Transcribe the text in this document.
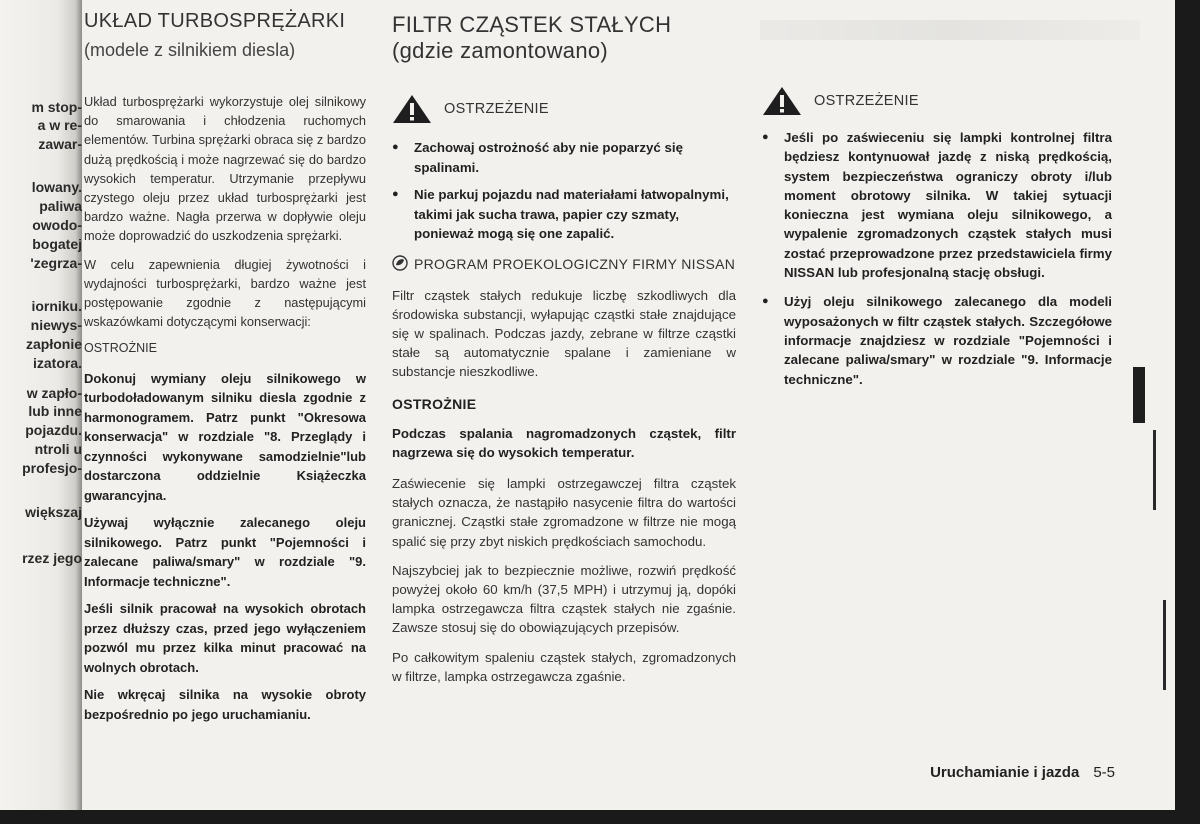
m stop-
a w re-
zawar-
lowany.
paliwa
owodo-
bogatej
'zegrza-
iorniku.
niewys-
zapłonie
izatora.
w zapło-
lub inne
pojazdu.
ntroli u
profesjo-
większaj
rzez jego
UKŁAD TURBOSPRĘŻARKI
(modele z silnikiem diesla)

Układ turbosprężarki wykorzystuje olej silnikowy do smarowania i chłodzenia ruchomych elementów. Turbina sprężarki obraca się z bardzo dużą prędkością i może nagrzewać się do bardzo wysokich temperatur. Utrzymanie przepływu czystego oleju przez układ turbosprężarki jest bardzo ważne. Nagła przerwa w dopływie oleju może doprowadzić do uszkodzenia sprężarki.

W celu zapewnienia długiej żywotności i wydajności turbosprężarki, bardzo ważne jest postępowanie zgodnie z następującymi wskazówkami dotyczącymi konserwacji:

OSTROŻNIE

Dokonuj wymiany oleju silnikowego w turbodoładowanym silniku diesla zgodnie z harmonogramem. Patrz punkt "Okresowa konserwacja" w rozdziale "8. Przeglądy i czynności wykonywane samodzielnie"lub dostarczona oddzielnie Książeczka gwarancyjna.

Używaj wyłącznie zalecanego oleju silnikowego. Patrz punkt "Pojemności i zalecane paliwa/smary" w rozdziale "9. Informacje techniczne".

Jeśli silnik pracował na wysokich obrotach przez dłuższy czas, przed jego wyłączeniem pozwól mu przez kilka minut pracować na wolnych obrotach.

Nie wkręcaj silnika na wysokie obroty bezpośrednio po jego uruchamianiu.

FILTR CZĄSTEK STAŁYCH (gdzie zamontowano)
OSTRZEŻENIE
● Zachowaj ostrożność aby nie poparzyć się spalinami.
● Nie parkuj pojazdu nad materiałami łatwopalnymi, takimi jak sucha trawa, papier czy szmaty, ponieważ mogą się one zapalić.

PROGRAM PROEKOLOGICZNY FIRMY NISSAN

Filtr cząstek stałych redukuje liczbę szkodliwych dla środowiska substancji, wyłapując cząstki stałe znajdujące się w spalinach. Podczas jazdy, zebrane w filtrze cząstki stałe są automatycznie spalane i zamieniane w substancje nieszkodliwe.

OSTROŻNIE

Podczas spalania nagromadzonych cząstek, filtr nagrzewa się do wysokich temperatur.

Zaświecenie się lampki ostrzegawczej filtra cząstek stałych oznacza, że nastąpiło nasycenie filtra do wartości granicznej. Cząstki stałe zgromadzone w filtrze nie mogą spalić się przy zbyt niskich prędkościach samochodu.

Najszybciej jak to bezpiecznie możliwe, rozwiń prędkość powyżej około 60 km/h (37,5 MPH) i utrzymuj ją, dopóki lampka ostrzegawcza filtra cząstek stałych nie zgaśnie. Zawsze stosuj się do obowiązujących przepisów.

Po całkowitym spaleniu cząstek stałych, zgromadzonych w filtrze, lampka ostrzegawcza zgaśnie.

OSTRZEŻENIE
● Jeśli po zaświeceniu się lampki kontrolnej filtra będziesz kontynuował jazdę z niską prędkością, system bezpieczeństwa ograniczy obroty i/lub moment obrotowy silnika. W takiej sytuacji konieczna jest wymiana oleju silnikowego, a wypalenie zgromadzonych cząstek stałych musi zostać przeprowadzone przez przedstawiciela firmy NISSAN lub profesjonalną stację obsługi.
● Użyj oleju silnikowego zalecanego dla modeli wyposażonych w filtr cząstek stałych. Szczegółowe informacje znajdziesz w rozdziale "Pojemności i zalecane paliwa/smary" w rozdziale "9. Informacje techniczne".
Uruchamianie i jazda 5-5
